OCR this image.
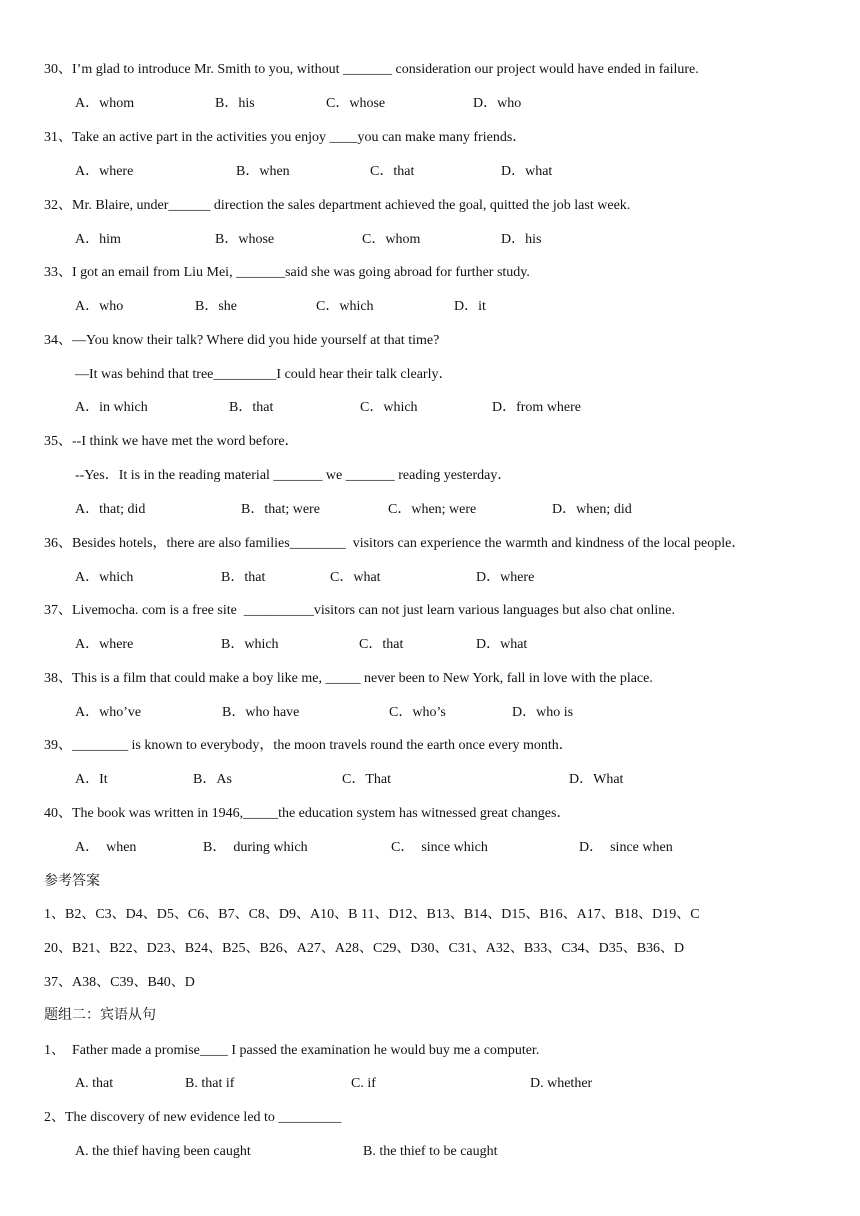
30、I’m glad to introduce Mr. Smith to you, without _______ consideration our project would have ended in failure.
A．whom	B．his	C．whose	D．who
31、Take an active part in the activities you enjoy ____you can make many friends．
A．where	B．when	C．that	D．what
32、Mr. Blaire, under______ direction the sales department achieved the goal, quitted the job last week.
A．him	B．whose	C．whom	D．his
33、I got an email from Liu Mei, _______said she was going abroad for further study.
A．who	B．she	C．which	D．it
34、—You know their talk? Where did you hide yourself at that time?
—It was behind that tree_________I could hear their talk clearly．
A．in which	B．that	C．which	D．from where
35、--I think we have met the word before．
--Yes．It is in the reading material _______ we _______ reading yesterday．
A．that; did	B．that; were	C．when; were	D．when; did
36、Besides hotels，there are also families________  visitors can experience the warmth and kindness of the local people．
A．which	B．that	C．what	D．where
37、Livemocha. com is a free site  __________visitors can not just learn various languages but also chat online.
A．where	B．which	C．that	D．what
38、This is a film that could make a boy like me, _____ never been to New York, fall in love with the place.
A．who’ve	B．who have	C．who’s	D．who is
39、________ is known to everybody，the moon travels round the earth once every month．
A．It	B．As	C．That	D．What
40、The book was written in 1946,_____the education system has witnessed great changes．
A．  when	B．  during which	C．  since which	D．  since when
参考答案
1、B2、C3、D4、D5、C6、B7、C8、D9、A10、B 11、D12、B13、B14、D15、B16、A17、B18、D19、C
20、B21、B22、D23、B24、B25、B26、A27、A28、C29、D30、C31、A32、B33、C34、D35、B36、D
37、A38、C39、B40、D
题组二：宾语从句
1、  Father made a promise____ I passed the examination he would buy me a computer.
A. that	B. that if	C. if	D. whether
2、The discovery of new evidence led to _________
A. the thief having been caught	B. the thief to be caught
